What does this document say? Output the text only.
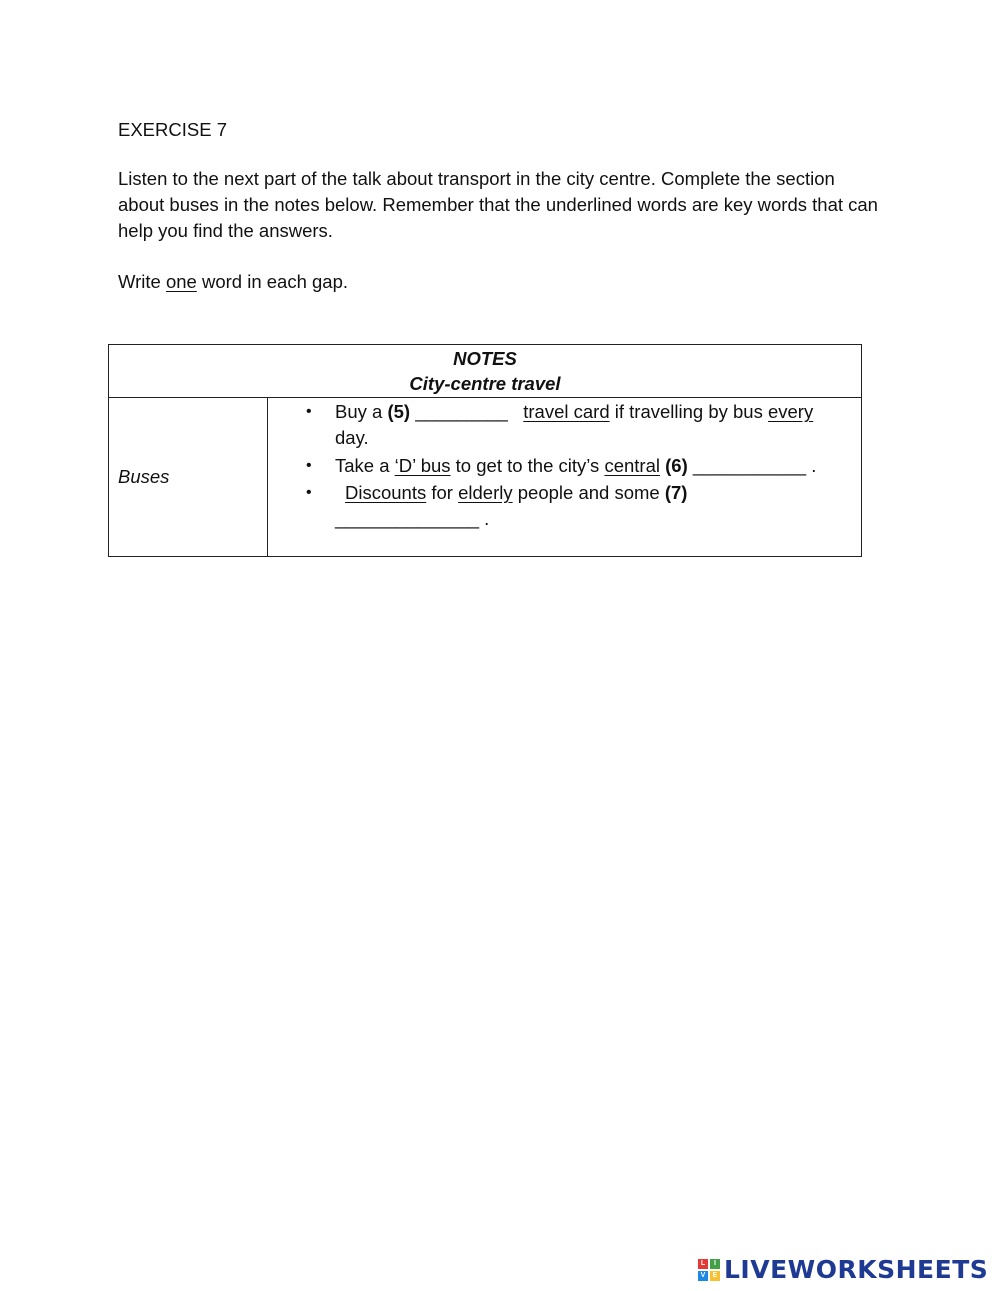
EXERCISE 7
Listen to the next part of the talk about transport in the city centre. Complete the section about buses in the notes below. Remember that the underlined words are key words that can help you find the answers.
Write one word in each gap.
NOTES
City-centre travel
Buses
• Buy a (5) _________   travel card if travelling by bus every
day.
• Take a ‘D’ bus to get to the city’s central (6) ___________ .
•	Discounts for elderly people and some (7)
______________ .
L	I
V	E LIVEWORKSHEETS
